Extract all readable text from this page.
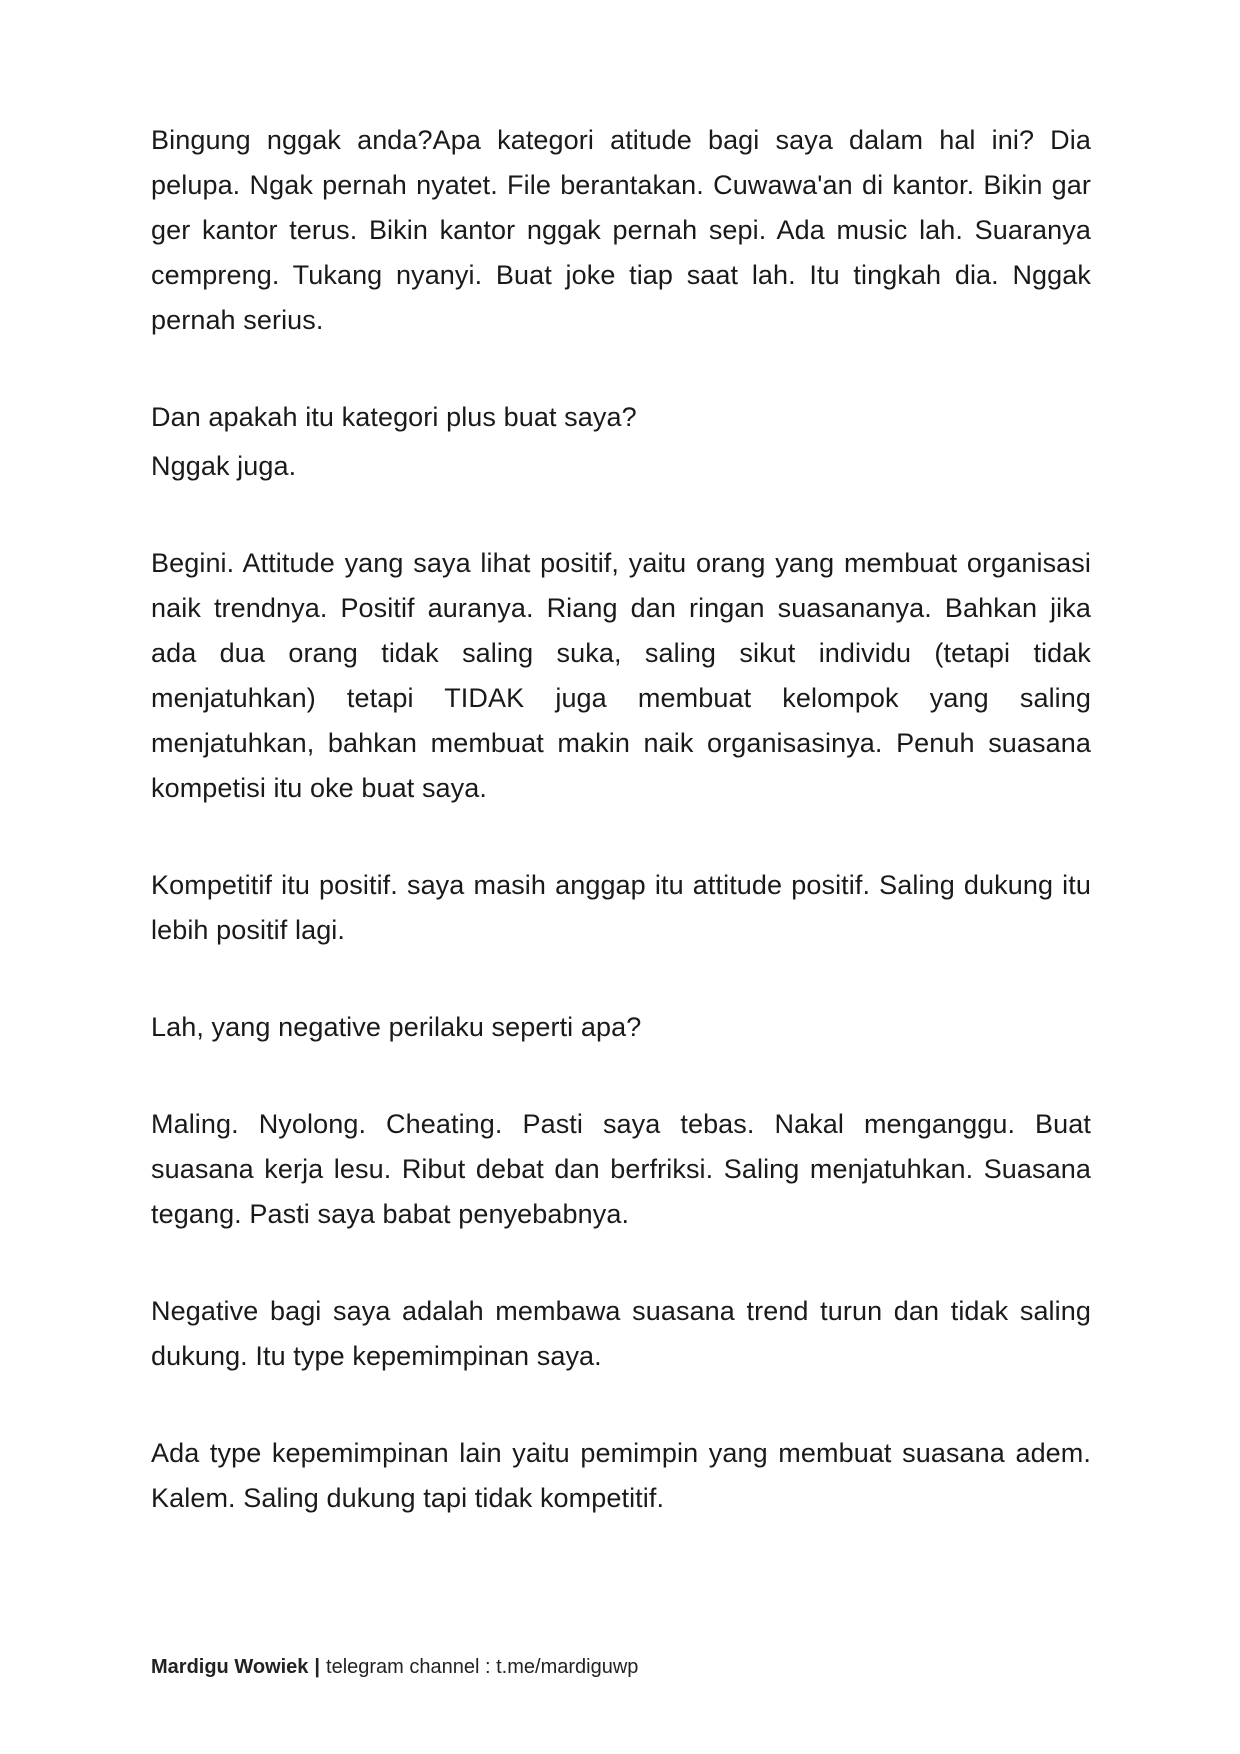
Bingung nggak anda?Apa kategori atitude bagi saya dalam hal ini? Dia pelupa. Ngak pernah nyatet. File berantakan. Cuwawa'an di kantor. Bikin gar ger kantor terus. Bikin kantor nggak pernah sepi. Ada music lah. Suaranya cempreng. Tukang nyanyi. Buat joke tiap saat lah. Itu tingkah dia. Nggak pernah serius.

Dan apakah itu kategori plus buat saya?

Nggak juga.

Begini. Attitude yang saya lihat positif, yaitu orang yang membuat organisasi naik trendnya. Positif auranya. Riang dan ringan suasananya. Bahkan jika ada dua orang tidak saling suka, saling sikut individu (tetapi tidak menjatuhkan) tetapi TIDAK juga membuat kelompok yang saling menjatuhkan, bahkan membuat makin naik organisasinya. Penuh suasana kompetisi itu oke buat saya.

Kompetitif itu positif. saya masih anggap itu attitude positif. Saling dukung itu lebih positif lagi.

Lah, yang negative perilaku seperti apa?

Maling. Nyolong. Cheating. Pasti saya tebas. Nakal menganggu. Buat suasana kerja lesu. Ribut debat dan berfriksi. Saling menjatuhkan. Suasana tegang. Pasti saya babat penyebabnya.

Negative bagi saya adalah membawa suasana trend turun dan tidak saling dukung. Itu type kepemimpinan saya.

Ada type kepemimpinan lain yaitu pemimpin yang membuat suasana adem. Kalem. Saling dukung tapi tidak kompetitif.

Mardigu Wowiek | telegram channel : t.me/mardiguwp
